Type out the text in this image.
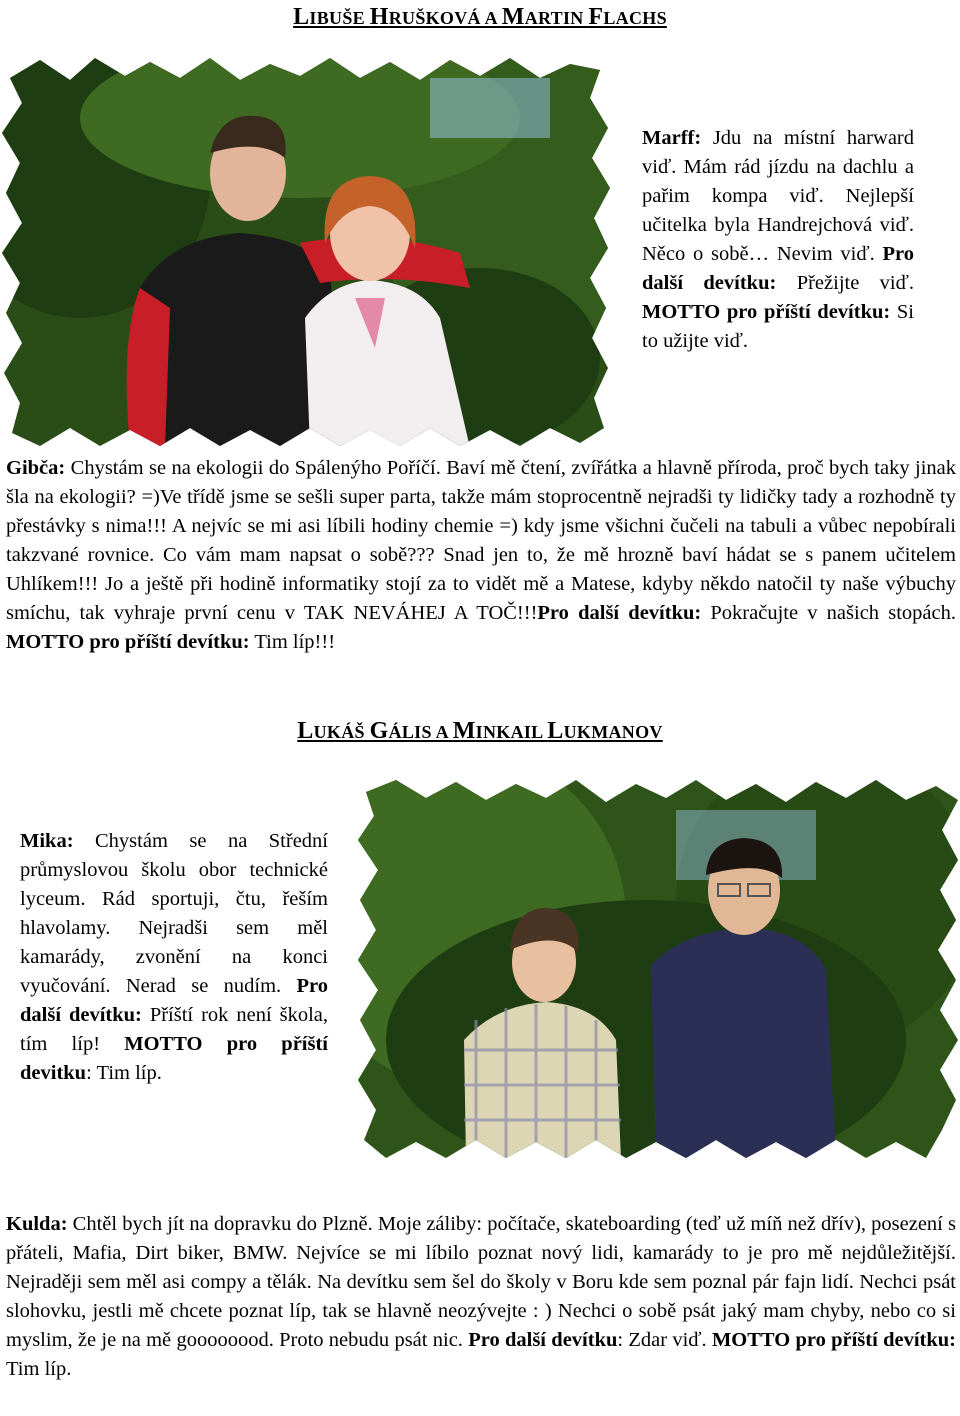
LIBUŠE HRUŠKOVÁ A MARTIN FLACHS
Marff: Jdu na místní harward viď. Mám rád jízdu na dachlu a pařim kompa viď. Nejlepší učitelka byla Handrejchová viď. Něco o sobě… Nevim viď. Pro další devítku: Přežijte viď. MOTTO pro příští devítku: Si to užijte viď.
Gibča: Chystám se na ekologii do Spálenýho Poříčí. Baví mě čtení, zvířátka a hlavně příroda, proč bych taky jinak šla na ekologii? =)Ve třídě jsme se sešli super parta, takže mám stoprocentně nejradši ty lidičky tady a rozhodně ty přestávky s nima!!! A nejvíc se mi asi líbili hodiny chemie =) kdy jsme všichni čučeli na tabuli a vůbec nepobírali takzvané rovnice. Co vám mam napsat o sobě??? Snad jen to, že mě hrozně baví hádat se s panem učitelem Uhlíkem!!! Jo a ještě při hodině informatiky stojí za to vidět mě a Matese, kdyby někdo natočil ty naše výbuchy smíchu, tak vyhraje první cenu v TAK NEVÁHEJ A TOČ!!!Pro další devítku: Pokračujte v našich stopách. MOTTO pro příští devítku: Tim líp!!!
LUKÁŠ GÁLIS A MINKAIL LUKMANOV
Mika: Chystám se na Střední průmyslovou školu obor technické lyceum. Rád sportuji, čtu, řeším hlavolamy. Nejradši sem měl kamarády, zvonění na konci vyučování. Nerad se nudím. Pro další devítku: Příští rok není škola, tím líp! MOTTO pro příští devitku: Tim líp.
Kulda: Chtěl bych jít na dopravku do Plzně. Moje záliby: počítače, skateboarding (teď už míň než dřív), posezení s přáteli, Mafia, Dirt biker, BMW. Nejvíce se mi líbilo poznat nový lidi, kamarády to je pro mě nejdůležitější. Nejraději sem měl asi compy a tělák. Na devítku sem šel do školy v Boru kde sem poznal pár fajn lidí. Nechci psát slohovku, jestli mě chcete poznat líp, tak se hlavně neozývejte : ) Nechci o sobě psát jaký mam chyby, nebo co si myslim, že je na mě goooooood. Proto nebudu psát nic. Pro další devítku: Zdar viď. MOTTO pro příští devítku: Tim líp.
